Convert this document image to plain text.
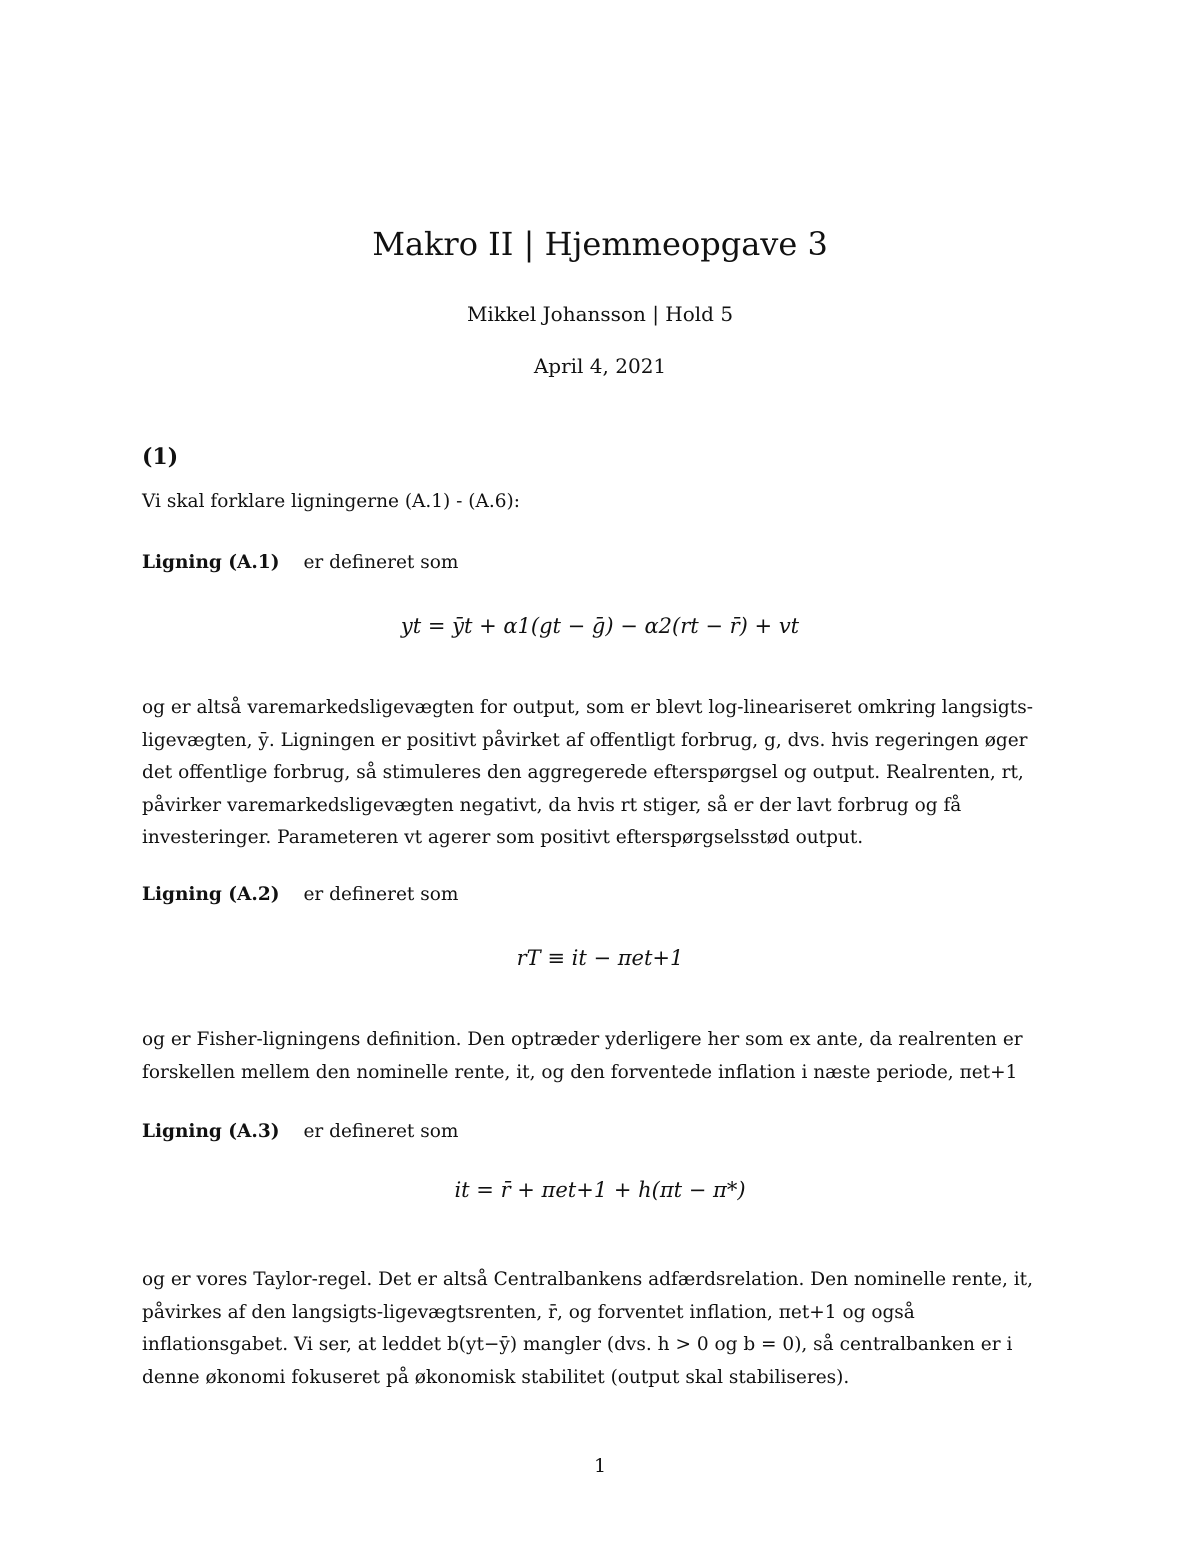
Makro II | Hjemmeopgave 3
Mikkel Johansson | Hold 5
April 4, 2021
(1)
Vi skal forklare ligningerne (A.1) - (A.6):
Ligning (A.1) er defineret som
yt = ȳt + α1(gt − ḡ) − α2(rt − r̄) + vt
og er altså varemarkedsligevægten for output, som er blevt log-lineariseret omkring langsigts-ligevægten, ȳ. Ligningen er positivt påvirket af offentligt forbrug, g, dvs. hvis regeringen øger det offentlige forbrug, så stimuleres den aggregerede efterspørgsel og output. Realrenten, rt, påvirker varemarkedsligevægten negativt, da hvis rt stiger, så er der lavt forbrug og få investeringer. Parameteren vt agerer som positivt efterspørgselsstød output.
Ligning (A.2) er defineret som
rT ≡ it − πet+1
og er Fisher-ligningens definition. Den optræder yderligere her som ex ante, da realrenten er forskellen mellem den nominelle rente, it, og den forventede inflation i næste periode, πet+1
Ligning (A.3) er defineret som
it = r̄ + πet+1 + h(πt − π*)
og er vores Taylor-regel. Det er altså Centralbankens adfærdsrelation. Den nominelle rente, it, påvirkes af den langsigts-ligevægtsrenten, r̄, og forventet inflation, πet+1 og også inflationsgabet. Vi ser, at leddet b(yt−ȳ) mangler (dvs. h > 0 og b = 0), så centralbanken er i denne økonomi fokuseret på økonomisk stabilitet (output skal stabiliseres).
1
